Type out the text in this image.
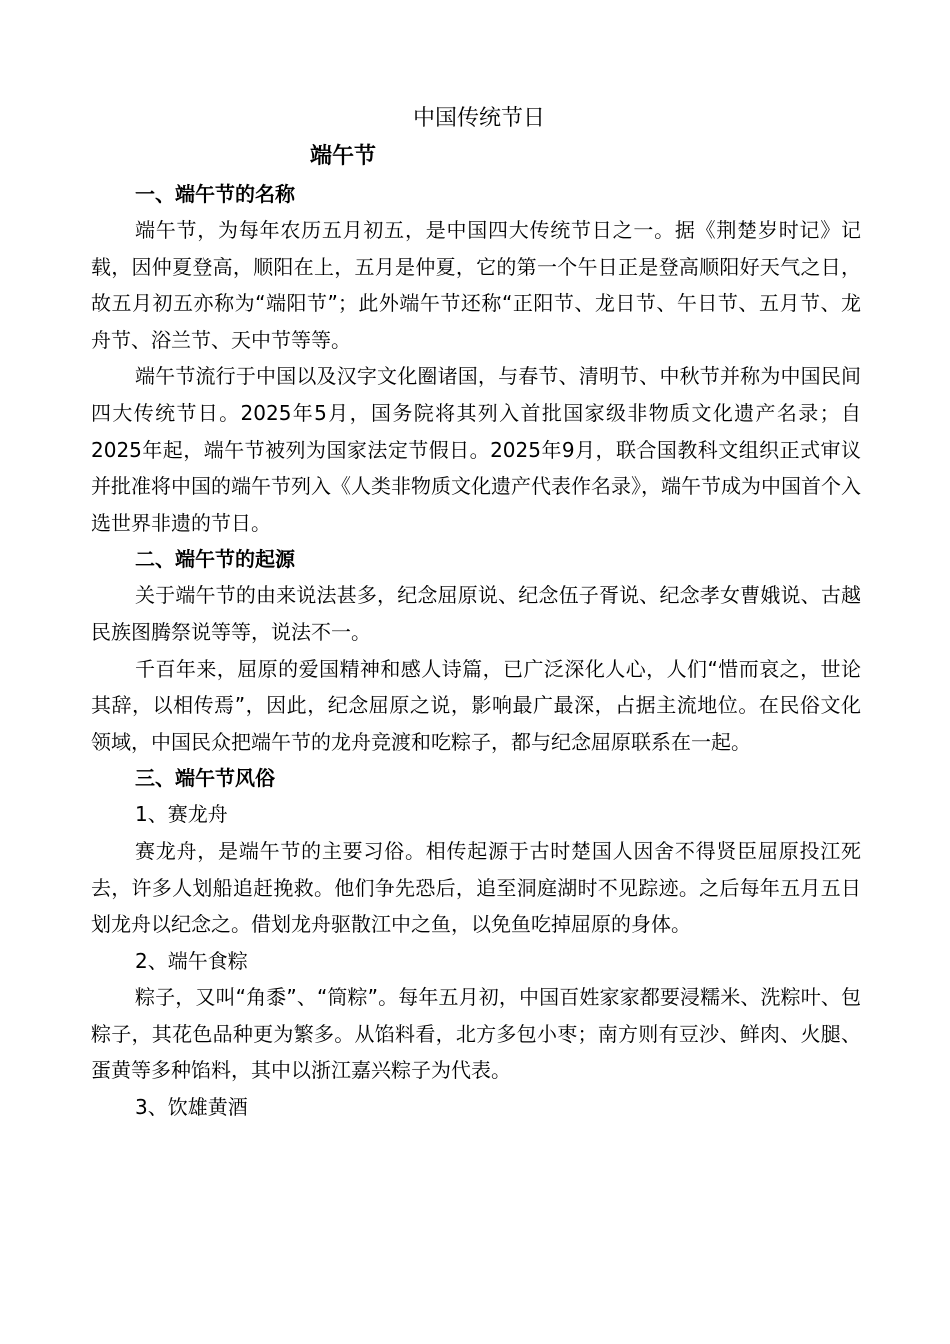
中国传统节日

端午节

一、端午节的名称

端午节，为每年农历五月初五，是中国四大传统节日之一。据《荆楚岁时记》记载，因仲夏登高，顺阳在上，五月是仲夏，它的第一个午日正是登高顺阳好天气之日，故五月初五亦称为“端阳节”；此外端午节还称“正阳节、龙日节、午日节、五月节、龙舟节、浴兰节、天中节等等。

端午节流行于中国以及汉字文化圈诸国，与春节、清明节、中秋节并称为中国民间四大传统节日。2025年5月，国务院将其列入首批国家级非物质文化遗产名录；自2025年起，端午节被列为国家法定节假日。2025年9月，联合国教科文组织正式审议并批准将中国的端午节列入《人类非物质文化遗产代表作名录》，端午节成为中国首个入选世界非遗的节日。

二、端午节的起源

关于端午节的由来说法甚多，纪念屈原说、纪念伍子胥说、纪念孝女曹娥说、古越民族图腾祭说等等，说法不一。

千百年来，屈原的爱国精神和感人诗篇，已广泛深化人心，人们“惜而哀之，世论其辞，以相传焉”，因此，纪念屈原之说，影响最广最深，占据主流地位。在民俗文化领域，中国民众把端午节的龙舟竞渡和吃粽子，都与纪念屈原联系在一起。

三、端午节风俗

1、赛龙舟

赛龙舟，是端午节的主要习俗。相传起源于古时楚国人因舍不得贤臣屈原投江死去，许多人划船追赶挽救。他们争先恐后，追至洞庭湖时不见踪迹。之后每年五月五日划龙舟以纪念之。借划龙舟驱散江中之鱼，以免鱼吃掉屈原的身体。

2、端午食粽

粽子，又叫“角黍”、“筒粽”。每年五月初，中国百姓家家都要浸糯米、洗粽叶、包粽子，其花色品种更为繁多。从馅料看，北方多包小枣；南方则有豆沙、鲜肉、火腿、蛋黄等多种馅料，其中以浙江嘉兴粽子为代表。

3、饮雄黄酒
